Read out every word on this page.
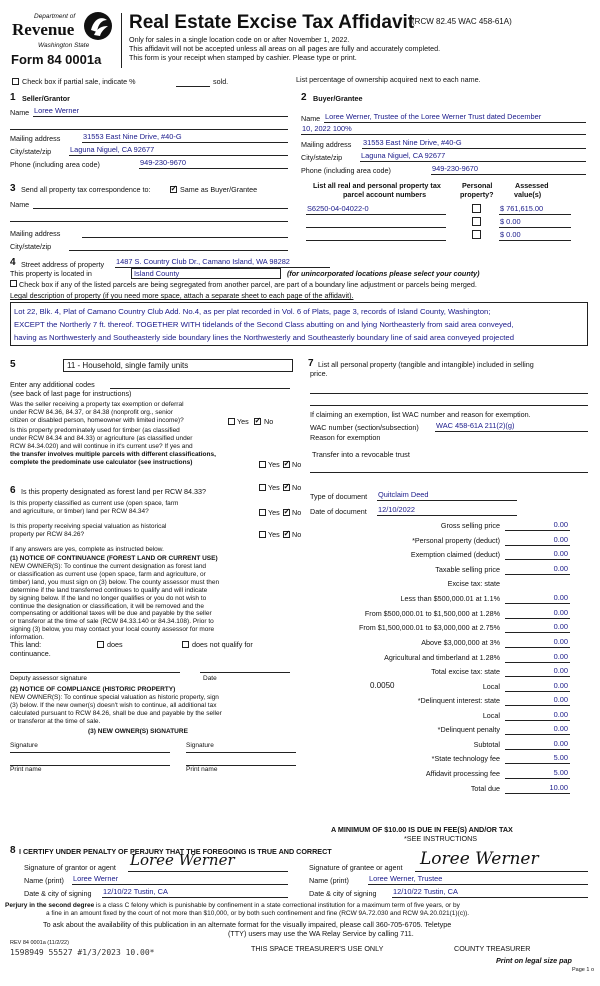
Department of
Revenue
Washington State
Form 84 0001a
Real Estate Excise Tax Affidavit
(RCW 82.45 WAC 458-61A)
Only for sales in a single location code on or after November 1, 2022.
This affidavit will not be accepted unless all areas on all pages are fully and accurately completed.
This form is your receipt when stamped by cashier. Please type or print.
Check box if partial sale, indicate %	sold.	List percentage of ownership acquired next to each name.
1 Seller/Grantor
Name Loree Werner
Mailing address	31553 East Nine Drive, #40-G
City/state/zip	Laguna Niguel, CA 92677
Phone (including area code)	949-230-9670
2 Buyer/Grantee
Name Loree Werner, Trustee of the Loree Werner Trust dated December
10, 2022 100%
Mailing address 31553 East Nine Drive, #40-G
City/state/zip	Laguna Niguel, CA 92677
Phone (including area code)	949-230-9670
3 Send all property tax correspondence to: ✓	Same as Buyer/Grantee
Name
Mailing address
City/state/zip
List all real and personal property tax
parcel account numbers
Personal
property?
Assessed
value(s)
S6250-04-04022-0	$ 761,615.00
$ 0.00
$ 0.00
4 Street address of property 1487 S. Country Club Dr., Camano Island, WA 98282
This property is located in	Island County	(for unincorporated locations please select your county)
Check box if any of the listed parcels are being segregated from another parcel, are part of a boundary line adjustment or parcels being merged.
Legal description of property (if you need more space, attach a separate sheet to each page of the affidavit).
Lot 22, Blk. 4, Plat of Camano Country Club Add. No.4, as per plat recorded in Vol. 6 of Plats, page 3, records of Island County, Washington;
EXCEPT the Northerly 7 ft. thereof. TOGETHER WITH tidelands of the Second Class abutting on and lying Northeasterly from said area conveyed,
having as Northwesterly and Southeasterly side boundary lines the Northwesterly and Southeasterly boundary line of said area conveyed projected
5	11 - Household, single family units
Enter any additional codes
(see back of last page for instructions)
Was the seller receiving a property tax exemption or deferral
under RCW 84.36, 84.37, or 84.38 (nonprofit org., senior
citizen or disabled person, homeowner with limited income)?	Yes ✓ No
Is this property predominately used for timber (as classified
under RCW 84.34 and 84.33) or agriculture (as classified under
RCW 84.34.020) and will continue in it's current use? If yes and
the transfer involves multiple parcels with different classifications,
complete the predominate use calculator (see instructions)	Yes ✓ No
6 Is this property designated as forest land per RCW 84.33?	Yes ✓ No
Is this property classified as current use (open space, farm
and agriculture, or timber) land per RCW 84.34?	Yes ✓ No
Is this property receiving special valuation as historical
property per RCW 84.26?	Yes ✓ No
If any answers are yes, complete as instructed below.
(1) NOTICE OF CONTINUANCE (FOREST LAND OR CURRENT USE)
NEW OWNER(S): To continue the current designation as forest land
or classification as current use (open space, farm and agriculture, or
timber) land, you must sign on (3) below. The county assessor must then
determine if the land transferred continues to qualify and will indicate
by signing below. If the land no longer qualifies or you do not wish to
continue the designation or classification, it will be removed and the
compensating or additional taxes will be due and payable by the seller
or transferor at the time of sale (RCW 84.33.140 or 84.34.108). Prior to
signing (3) below, you may contact your local county assessor for more
information.
This land:	does	does not qualify for
continuance.
Deputy assessor signature	Date
(2) NOTICE OF COMPLIANCE (HISTORIC PROPERTY)
NEW OWNER(S): To continue special valuation as historic property, sign
(3) below. If the new owner(s) doesn't wish to continue, all additional tax
calculated pursuant to RCW 84.26, shall be due and payable by the seller
or transferor at the time of sale.
(3) NEW OWNER(S) SIGNATURE
Signature	Signature
Print name	Print name
7 List all personal property (tangible and intangible) included in selling
price.
If claiming an exemption, list WAC number and reason for exemption.
WAC number (section/subsection) WAC 458-61A 211(2)(g)
Reason for exemption
Transfer into a revocable trust
Type of document Quitclaim Deed
Date of document 12/10/2022
Gross selling price	0.00
*Personal property (deduct)	0.00
Exemption claimed (deduct)	0.00
Taxable selling price	0.00
Excise tax: state
Less than $500,000.01 at 1.1%	0.00
From $500,000.01 to $1,500,000 at 1.28%	0.00
From $1,500,000.01 to $3,000,000 at 2.75%	0.00
Above $3,000,000 at 3%	0.00
Agricultural and timberland at 1.28%	0.00
Total excise tax: state	0.00
Local	0.00
0.0050
*Delinquent interest: state	0.00
Local	0.00
*Delinquent penalty	0.00
Subtotal	0.00
*State technology fee	5.00
Affidavit processing fee	5.00
Total due	10.00
A MINIMUM OF $10.00 IS DUE IN FEE(S) AND/OR TAX
*SEE INSTRUCTIONS
8 I CERTIFY UNDER PENALTY OF PERJURY THAT THE FOREGOING IS TRUE AND CORRECT
Signature of grantor or agent Loree Werner
Name (print) Loree Werner
Date & city of signing 12/10/22 Tustin, CA
Signature of grantee or agent Loree Werner
Name (print)	Loree Werner, Trustee
Date & city of signing 12/10/22 Tustin, CA
Perjury in the second degree is a class C felony which is punishable by confinement in a state correctional institution for a maximum term of five years, or by
a fine in an amount fixed by the court of not more than $10,000, or by both such confinement and fine (RCW 9A.72.030 and RCW 9A.20.021(1)(c)).
To ask about the availability of this publication in an alternate format for the visually impaired, please call 360-705-6705. Teletype
(TTY) users may use the WA Relay Service by calling 711.
REV 84 0001a (11/2/22)
1598949 55527 #1/3/2023 10.00*	THIS SPACE TREASURER'S USE ONLY	COUNTY TREASURER
Print on legal size pap
Page 1 o
